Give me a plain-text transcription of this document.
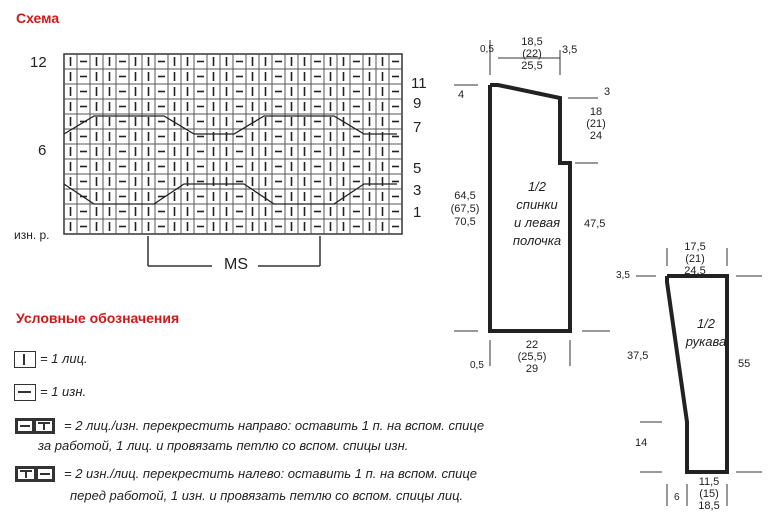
Схема
Условные обозначения
12
6
11
9
7
5
3
1
изн. р.
MS
= 1 лиц.
= 1 изн.
= 2 лиц./изн. перекрестить направо: оставить 1 п. на вспом. спице
за работой, 1 лиц. и провязать петлю со вспом. спицы изн.
= 2 изн./лиц. перекрестить налево: оставить 1 п. на вспом. спице
перед работой, 1 изн. и провязать петлю со вспом. спицы лиц.
0,5
18,5
(22)
25,5
3,5
4	3
18
(21)
24
64,5
(67,5)
70,5	47,5
1/2
спинки
и левая
полочка
0,5
22
(25,5)
29
17,5
(21)
24,5
3,5
1/2
рукава
37,5
55
14
11,5
(15)
18,5
6
